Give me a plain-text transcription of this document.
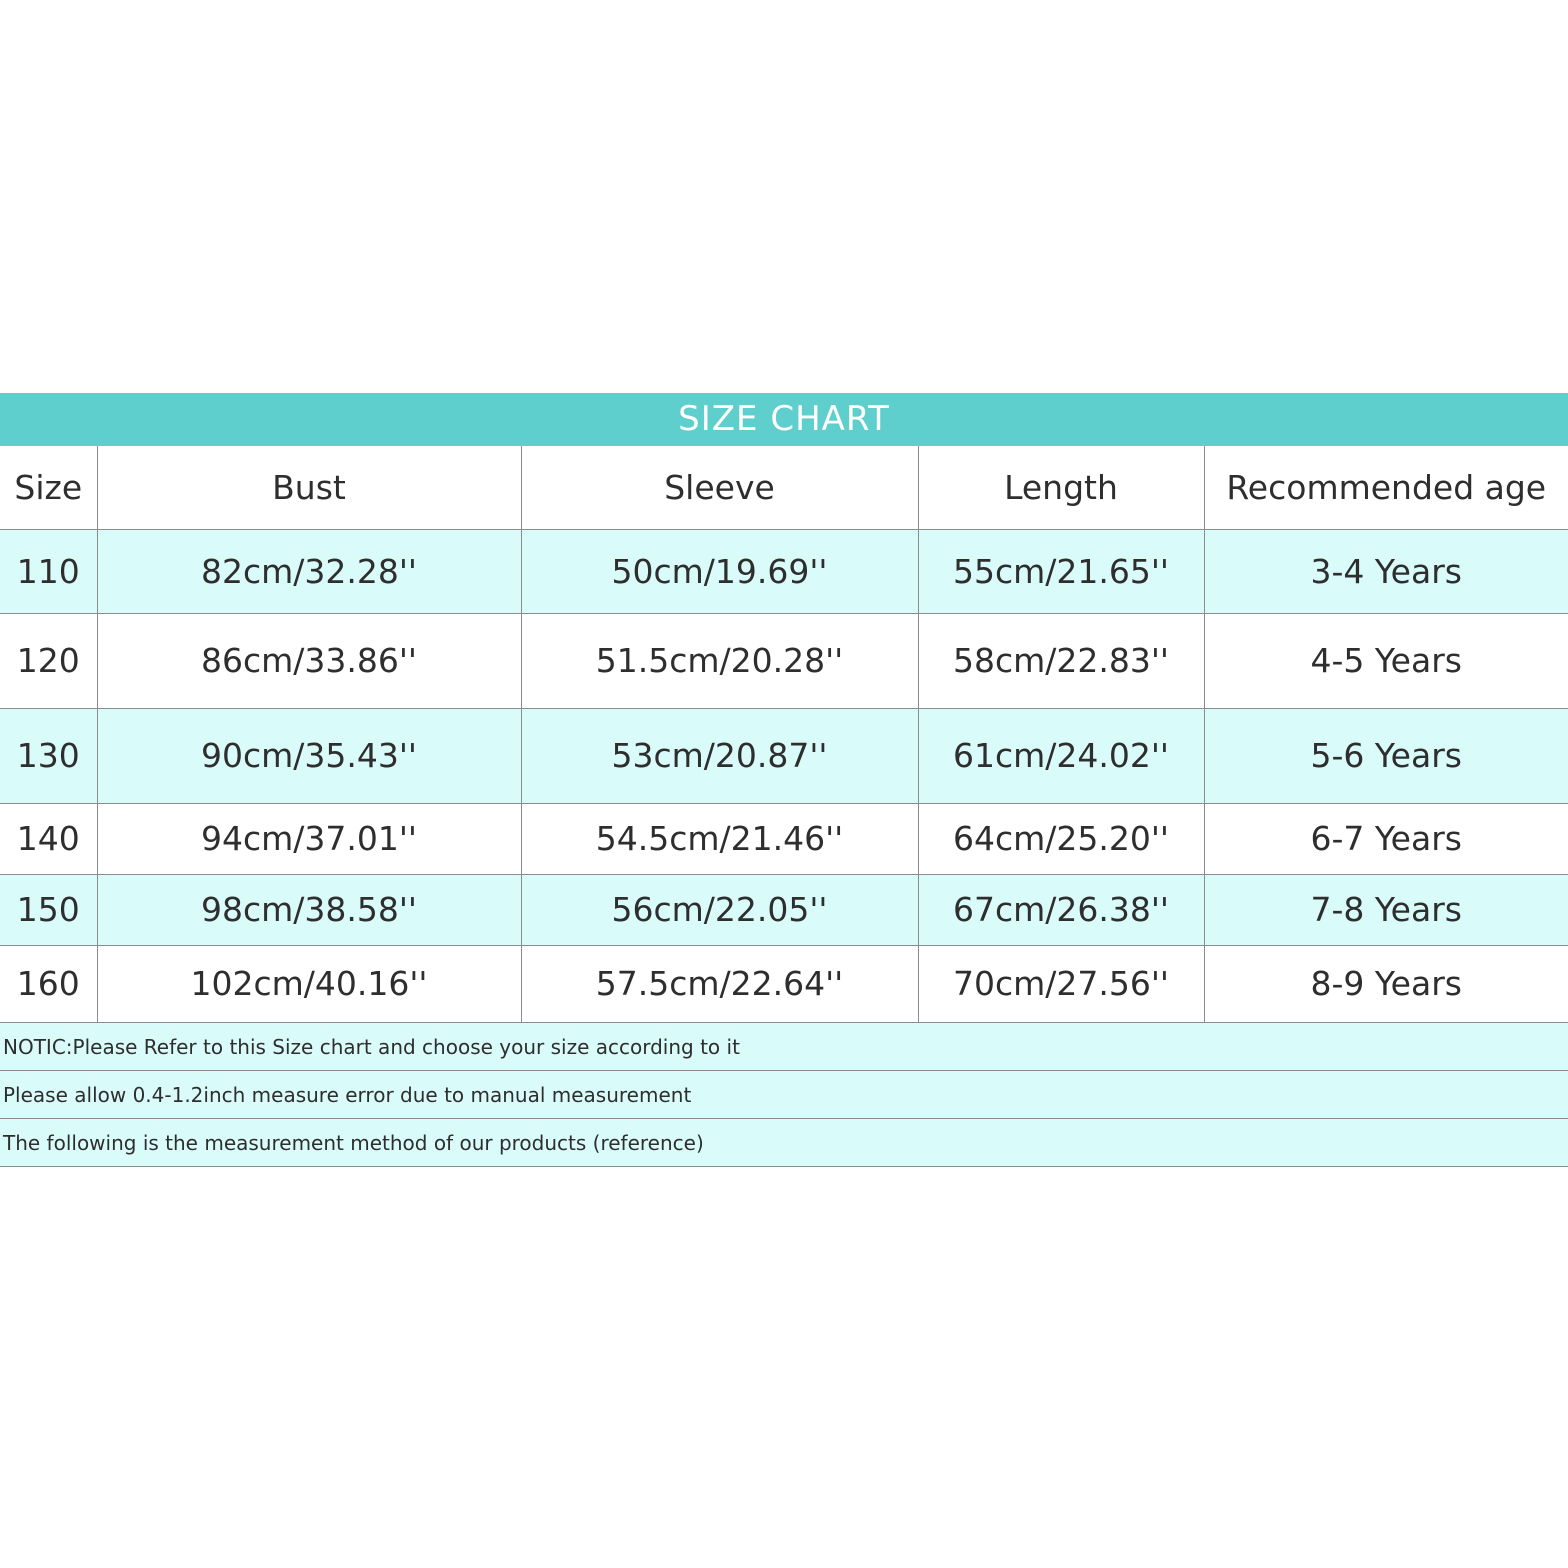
SIZE CHART
Size	Bust	Sleeve	Length	Recommended age
110	82cm/32.28''	50cm/19.69''	55cm/21.65''	3-4 Years
120	86cm/33.86''	51.5cm/20.28''	58cm/22.83''	4-5 Years
130	90cm/35.43''	53cm/20.87''	61cm/24.02''	5-6 Years
140	94cm/37.01''	54.5cm/21.46''	64cm/25.20''	6-7 Years
150	98cm/38.58''	56cm/22.05''	67cm/26.38''	7-8 Years
160	102cm/40.16''	57.5cm/22.64''	70cm/27.56''	8-9 Years
NOTIC:Please Refer to this Size chart and choose your size according to it
Please allow 0.4-1.2inch measure error due to manual measurement
The following is the measurement method of our products (reference)
